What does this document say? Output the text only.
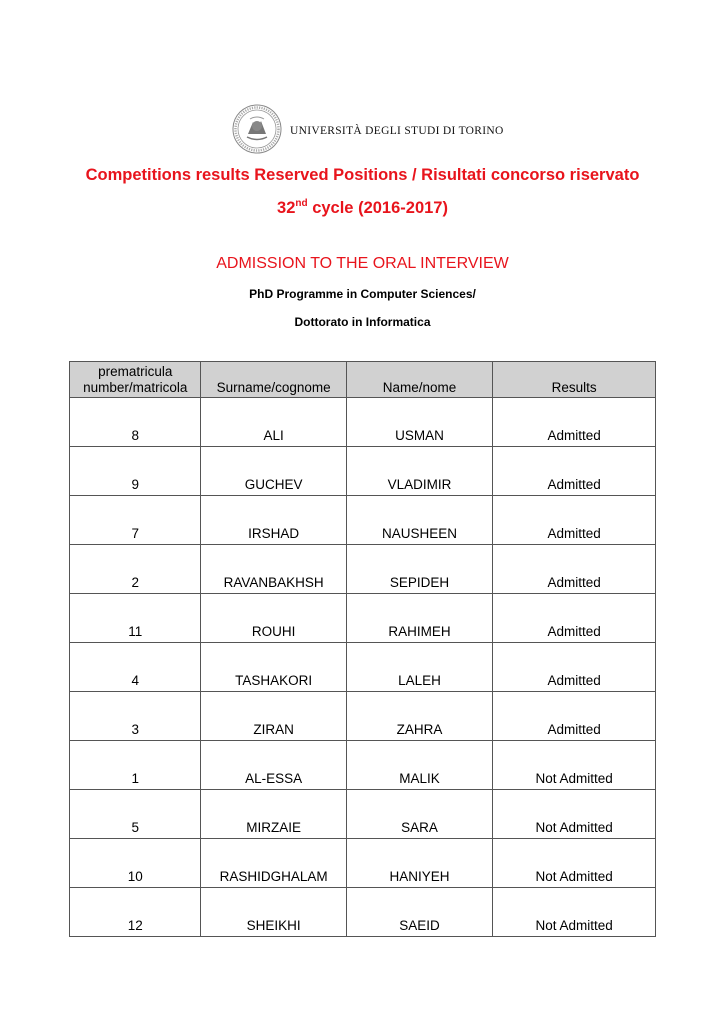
UNIVERSITÀ DEGLI STUDI DI TORINO
Competitions results Reserved Positions / Risultati concorso riservato
32nd cycle (2016-2017)
ADMISSION TO THE ORAL INTERVIEW
PhD Programme in Computer Sciences/
Dottorato in Informatica
prematricula
number/matricola	Surname/cognome	Name/nome	Results
8	ALI	USMAN	Admitted
9	GUCHEV	VLADIMIR	Admitted
7	IRSHAD	NAUSHEEN	Admitted
2	RAVANBAKHSH	SEPIDEH	Admitted
11	ROUHI	RAHIMEH	Admitted
4	TASHAKORI	LALEH	Admitted
3	ZIRAN	ZAHRA	Admitted

1	AL-ESSA	MALIK	Not Admitted
5	MIRZAIE	SARA	Not Admitted
10	RASHIDGHALAM	HANIYEH	Not Admitted
12	SHEIKHI	SAEID	Not Admitted
